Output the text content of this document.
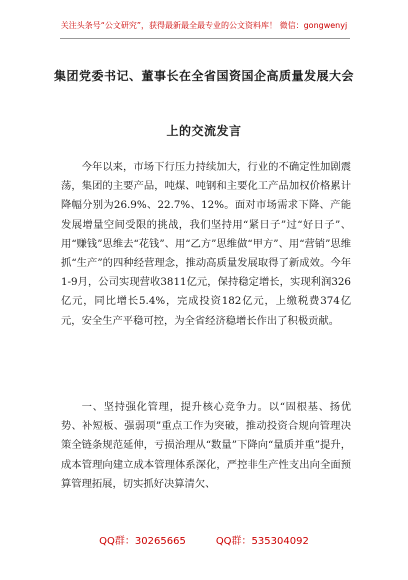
关注头条号“公文研究”，获得最新最全最专业的公文资料库！ 微信：gongwenyj
集团党委书记、董事长在全省国资国企高质量发展大会
上的交流发言

今年以来，市场下行压力持续加大，行业的不确定性加剧震荡，集团的主要产品，吨煤、吨钢和主要化工产品加权价格累计降幅分别为26.9%、22.7%、12%。面对市场需求下降、产能发展增量空间受限的挑战，我们坚持用“紧日子”过“好日子”、用“赚钱”思维去“花钱”、用“乙方”思维做“甲方”、用“营销”思维抓“生产”的四种经营理念，推动高质量发展取得了新成效。今年1-9月，公司实现营收3811亿元，保持稳定增长，实现利润326亿元，同比增长5.4%，完成投资182亿元，上缴税费374亿元，安全生产平稳可控，为全省经济稳增长作出了积极贡献。

一、坚持强化管理，提升核心竞争力。以“固根基、扬优势、补短板、强弱项”重点工作为突破，推动投资合规向管理决策全链条规范延伸，亏损治理从“数量”下降向“量质并重”提升，成本管理向建立成本管理体系深化，严控非生产性支出向全面预算管理拓展，切实抓好决算清欠、

QQ群：30265665	QQ群：535304092
